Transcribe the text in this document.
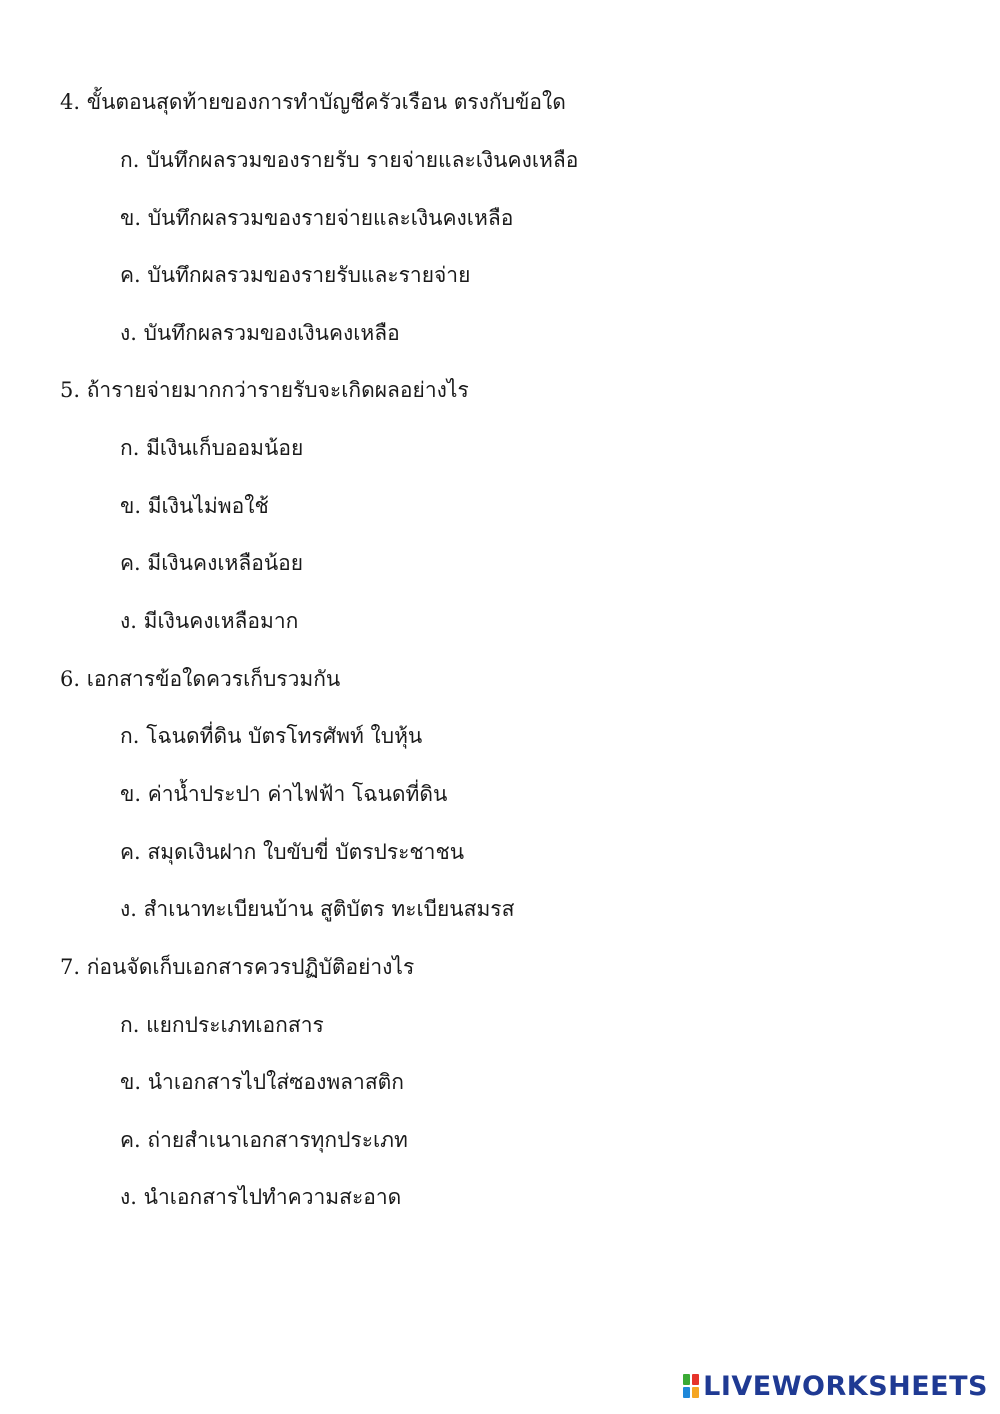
4. ขั้นตอนสุดท้ายของการทำบัญชีครัวเรือน ตรงกับข้อใด
ก. บันทึกผลรวมของรายรับ รายจ่ายและเงินคงเหลือ
ข. บันทึกผลรวมของรายจ่ายและเงินคงเหลือ
ค. บันทึกผลรวมของรายรับและรายจ่าย
ง. บันทึกผลรวมของเงินคงเหลือ
5. ถ้ารายจ่ายมากกว่ารายรับจะเกิดผลอย่างไร
ก. มีเงินเก็บออมน้อย
ข. มีเงินไม่พอใช้
ค. มีเงินคงเหลือน้อย
ง. มีเงินคงเหลือมาก
6. เอกสารข้อใดควรเก็บรวมกัน
ก. โฉนดที่ดิน บัตรโทรศัพท์ ใบหุ้น
ข. ค่าน้ำประปา ค่าไฟฟ้า โฉนดที่ดิน
ค. สมุดเงินฝาก ใบขับขี่ บัตรประชาชน
ง. สำเนาทะเบียนบ้าน สูติบัตร ทะเบียนสมรส
7. ก่อนจัดเก็บเอกสารควรปฏิบัติอย่างไร
ก. แยกประเภทเอกสาร
ข. นำเอกสารไปใส่ซองพลาสติก
ค. ถ่ายสำเนาเอกสารทุกประเภท
ง. นำเอกสารไปทำความสะอาด
LIVEWORKSHEETS
